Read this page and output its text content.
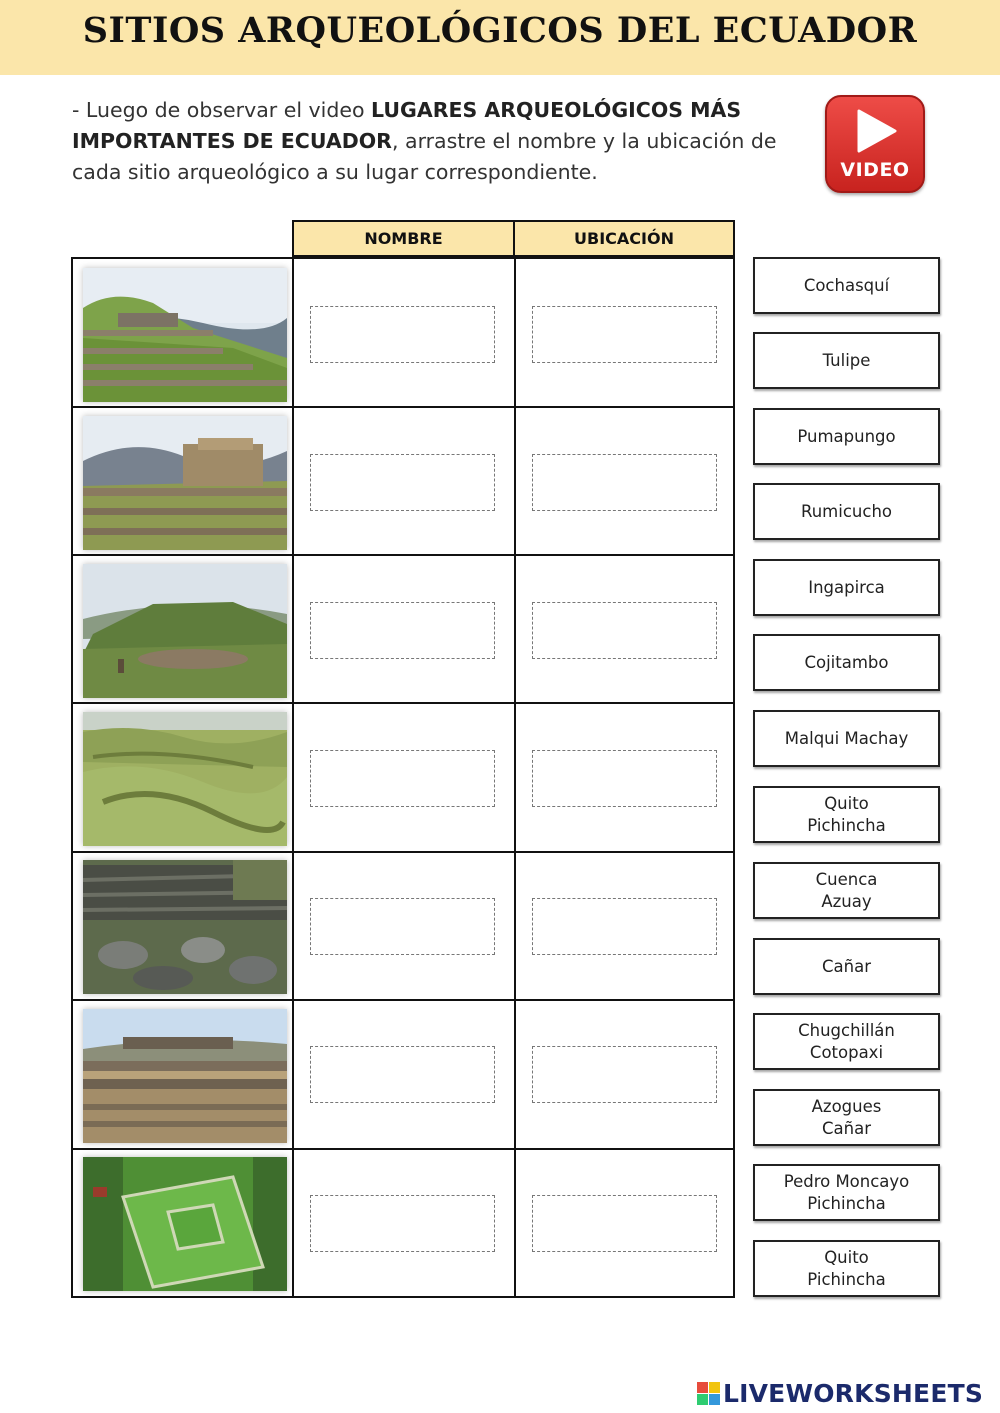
SITIOS ARQUEOLÓGICOS DEL ECUADOR
- Luego de observar el video LUGARES ARQUEOLÓGICOS MÁS IMPORTANTES DE ECUADOR, arrastre el nombre y la ubicación de cada sitio arqueológico a su lugar correspondiente.	VIDEO
NOMBRE	UBICACIÓN
Cochasquí
Tulipe
Pumapungo
Rumicucho
Ingapirca
Cojitambo
Malqui Machay
Quito
Pichincha
Cuenca
Azuay
Cañar
Chugchillán
Cotopaxi
Azogues
Cañar
Pedro Moncayo
Pichincha
Quito
Pichincha
LIVEWORKSHEETS
